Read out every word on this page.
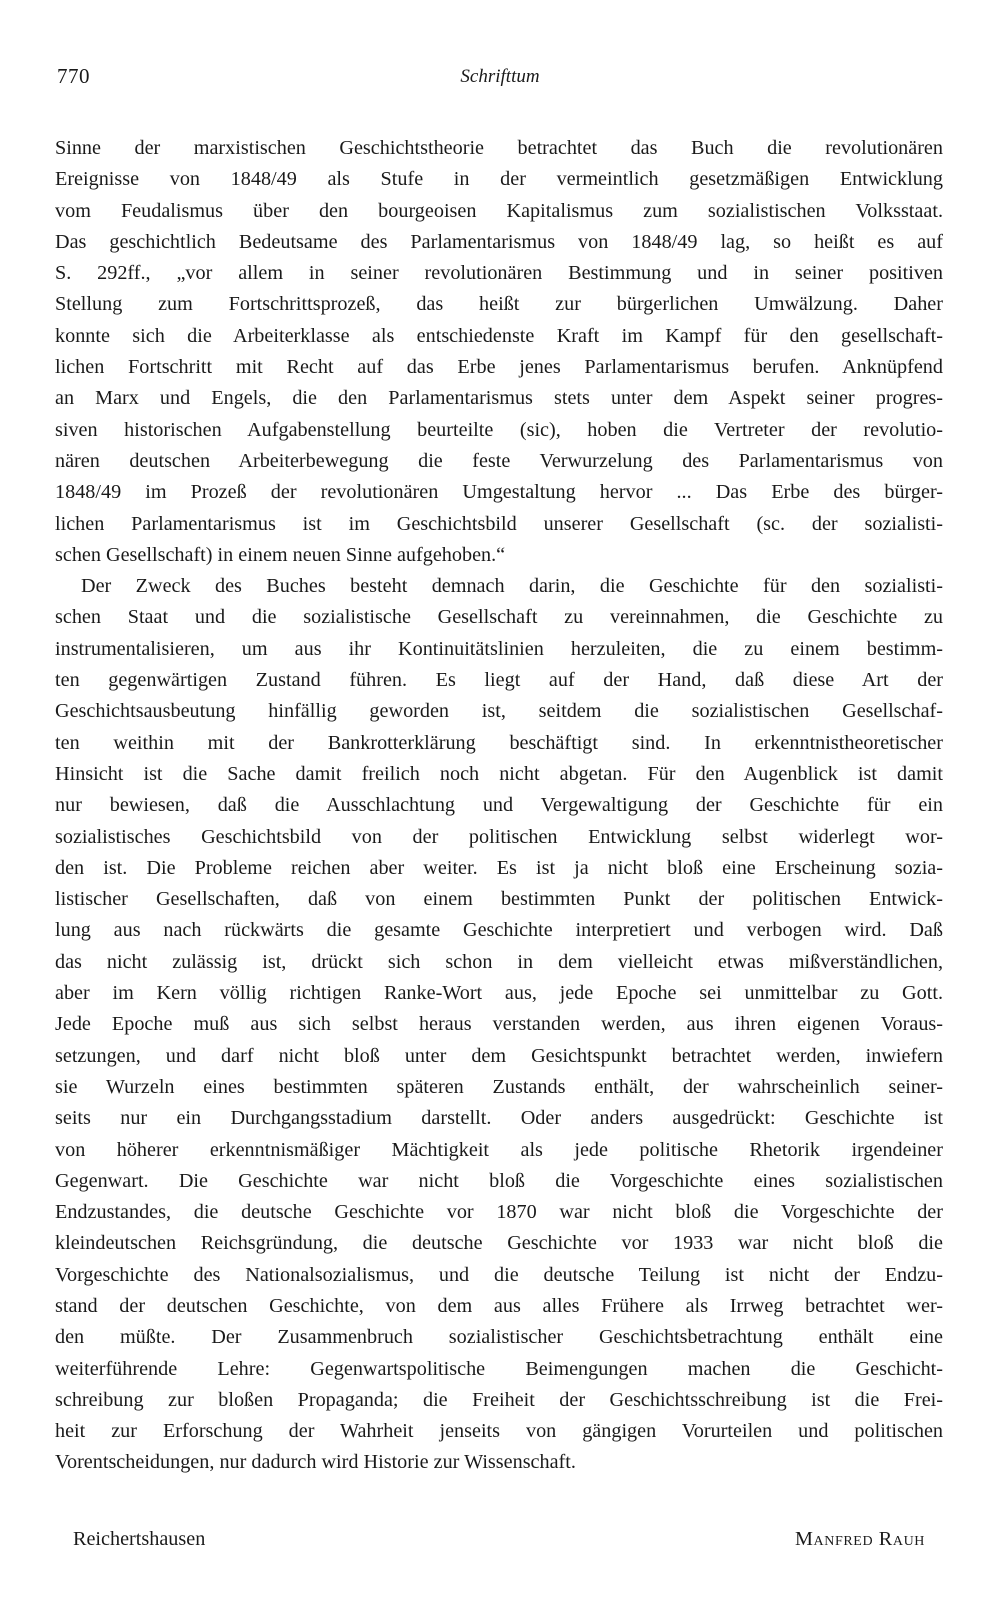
770	Schrifttum
Sinne der marxistischen Geschichtstheorie betrachtet das Buch die revolutionären
Ereignisse von 1848/49 als Stufe in der vermeintlich gesetzmäßigen Entwicklung
vom Feudalismus über den bourgeoisen Kapitalismus zum sozialistischen Volksstaat.
Das geschichtlich Bedeutsame des Parlamentarismus von 1848/49 lag, so heißt es auf
S. 292ff., „vor allem in seiner revolutionären Bestimmung und in seiner positiven
Stellung zum Fortschrittsprozeß, das heißt zur bürgerlichen Umwälzung. Daher
konnte sich die Arbeiterklasse als entschiedenste Kraft im Kampf für den gesellschaft-
lichen Fortschritt mit Recht auf das Erbe jenes Parlamentarismus berufen. Anknüpfend
an Marx und Engels, die den Parlamentarismus stets unter dem Aspekt seiner progres-
siven historischen Aufgabenstellung beurteilte (sic), hoben die Vertreter der revolutio-
nären deutschen Arbeiterbewegung die feste Verwurzelung des Parlamentarismus von
1848/49 im Prozeß der revolutionären Umgestaltung hervor ... Das Erbe des bürger-
lichen Parlamentarismus ist im Geschichtsbild unserer Gesellschaft (sc. der sozialisti-
schen Gesellschaft) in einem neuen Sinne aufgehoben.“
Der Zweck des Buches besteht demnach darin, die Geschichte für den sozialisti-
schen Staat und die sozialistische Gesellschaft zu vereinnahmen, die Geschichte zu
instrumentalisieren, um aus ihr Kontinuitätslinien herzuleiten, die zu einem bestimm-
ten gegenwärtigen Zustand führen. Es liegt auf der Hand, daß diese Art der
Geschichtsausbeutung hinfällig geworden ist, seitdem die sozialistischen Gesellschaf-
ten weithin mit der Bankrotterklärung beschäftigt sind. In erkenntnistheoretischer
Hinsicht ist die Sache damit freilich noch nicht abgetan. Für den Augenblick ist damit
nur bewiesen, daß die Ausschlachtung und Vergewaltigung der Geschichte für ein
sozialistisches Geschichtsbild von der politischen Entwicklung selbst widerlegt wor-
den ist. Die Probleme reichen aber weiter. Es ist ja nicht bloß eine Erscheinung sozia-
listischer Gesellschaften, daß von einem bestimmten Punkt der politischen Entwick-
lung aus nach rückwärts die gesamte Geschichte interpretiert und verbogen wird. Daß
das nicht zulässig ist, drückt sich schon in dem vielleicht etwas mißverständlichen,
aber im Kern völlig richtigen Ranke-Wort aus, jede Epoche sei unmittelbar zu Gott.
Jede Epoche muß aus sich selbst heraus verstanden werden, aus ihren eigenen Voraus-
setzungen, und darf nicht bloß unter dem Gesichtspunkt betrachtet werden, inwiefern
sie Wurzeln eines bestimmten späteren Zustands enthält, der wahrscheinlich seiner-
seits nur ein Durchgangsstadium darstellt. Oder anders ausgedrückt: Geschichte ist
von höherer erkenntnismäßiger Mächtigkeit als jede politische Rhetorik irgendeiner
Gegenwart. Die Geschichte war nicht bloß die Vorgeschichte eines sozialistischen
Endzustandes, die deutsche Geschichte vor 1870 war nicht bloß die Vorgeschichte der
kleindeutschen Reichsgründung, die deutsche Geschichte vor 1933 war nicht bloß die
Vorgeschichte des Nationalsozialismus, und die deutsche Teilung ist nicht der Endzu-
stand der deutschen Geschichte, von dem aus alles Frühere als Irrweg betrachtet wer-
den müßte. Der Zusammenbruch sozialistischer Geschichtsbetrachtung enthält eine
weiterführende Lehre: Gegenwartspolitische Beimengungen machen die Geschicht-
schreibung zur bloßen Propaganda; die Freiheit der Geschichtsschreibung ist die Frei-
heit zur Erforschung der Wahrheit jenseits von gängigen Vorurteilen und politischen
Vorentscheidungen, nur dadurch wird Historie zur Wissenschaft.
Reichertshausen	Manfred Rauh
